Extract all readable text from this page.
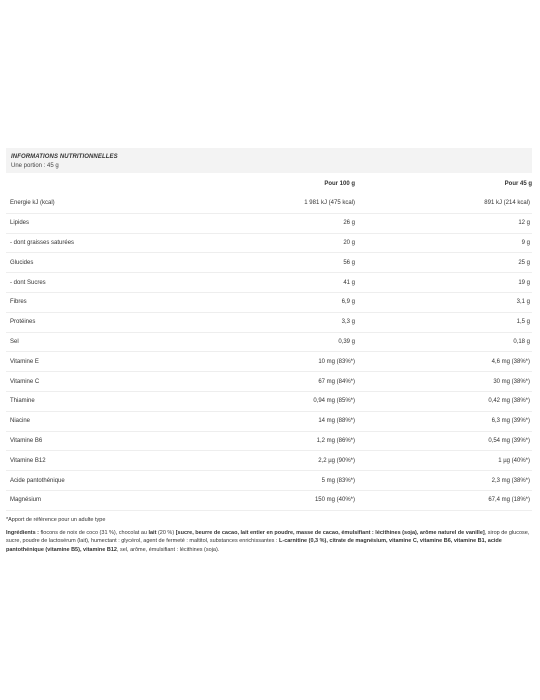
INFORMATIONS NUTRITIONNELLES
Une portion : 45 g
	Pour 100 g	Pour 45 g
Energie kJ (kcal)	1 981 kJ (475 kcal)	891 kJ (214 kcal)
Lipides	26 g	12 g
- dont graisses saturées	20 g	9 g
Glucides	56 g	25 g
- dont Sucres	41 g	19 g
Fibres	6,9 g	3,1 g
Protéines	3,3 g	1,5 g
Sel	0,39 g	0,18 g
Vitamine E	10 mg (83%*)	4,6 mg (38%*)
Vitamine C	67 mg (84%*)	30 mg (38%*)
Thiamine	0,94 mg (85%*)	0,42 mg (38%*)
Niacine	14 mg (88%*)	6,3 mg (39%*)
Vitamine B6	1,2 mg (86%*)	0,54 mg (39%*)
Vitamine B12	2,2 µg (90%*)	1 µg (40%*)
Acide pantothénique	5 mg (83%*)	2,3 mg (38%*)
Magnésium	150 mg (40%*)	67,4 mg (18%*)
*Apport de référence pour un adulte type
Ingrédients : flocons de noix de coco (31 %), chocolat au lait (20 %) [sucre, beurre de cacao, lait entier en poudre, masse de cacao, émulsifiant : lécithines (soja), arôme naturel de vanille], sirop de glucose, sucre, poudre de lactosérum (lait), humectant : glycérol, agent de fermeté : maltitol, substances enrichissantes : L-carnitine (0,3 %), citrate de magnésium, vitamine C, vitamine B6, vitamine B1, acide pantothénique (vitamine B5), vitamine B12, sel, arôme, émulsifiant : lécithines (soja).
